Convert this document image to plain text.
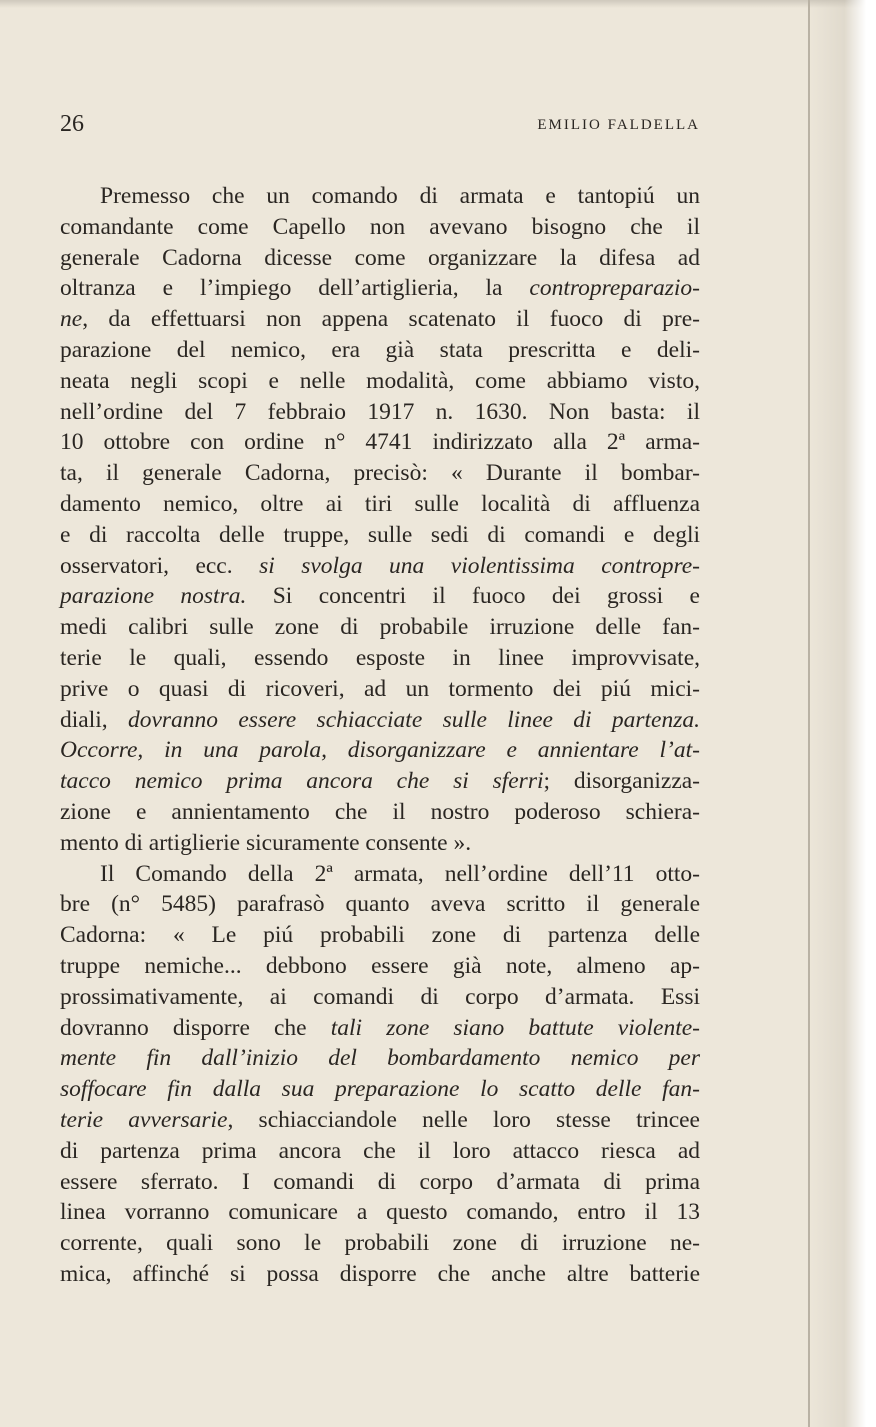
26	EMILIO FALDELLA
Premesso che un comando di armata e tantopiú un
comandante come Capello non avevano bisogno che il
generale Cadorna dicesse come organizzare la difesa ad
oltranza e l’impiego dell’artiglieria, la contropreparazio-
ne, da effettuarsi non appena scatenato il fuoco di pre-
parazione del nemico, era già stata prescritta e deli-
neata negli scopi e nelle modalità, come abbiamo visto,
nell’ordine del 7 febbraio 1917 n. 1630. Non basta: il
10 ottobre con ordine n° 4741 indirizzato alla 2ª arma-
ta, il generale Cadorna, precisò: « Durante il bombar-
damento nemico, oltre ai tiri sulle località di affluenza
e di raccolta delle truppe, sulle sedi di comandi e degli
osservatori, ecc. si svolga una violentissima contropre-
parazione nostra. Si concentri il fuoco dei grossi e
medi calibri sulle zone di probabile irruzione delle fan-
terie le quali, essendo esposte in linee improvvisate,
prive o quasi di ricoveri, ad un tormento dei piú mici-
diali, dovranno essere schiacciate sulle linee di partenza.
Occorre, in una parola, disorganizzare e annientare l’at-
tacco nemico prima ancora che si sferri; disorganizza-
zione e annientamento che il nostro poderoso schiera-
mento di artiglierie sicuramente consente ».
Il Comando della 2ª armata, nell’ordine dell’11 otto-
bre (n° 5485) parafrasò quanto aveva scritto il generale
Cadorna: « Le piú probabili zone di partenza delle
truppe nemiche... debbono essere già note, almeno ap-
prossimativamente, ai comandi di corpo d’armata. Essi
dovranno disporre che tali zone siano battute violente-
mente fin dall’inizio del bombardamento nemico per
soffocare fin dalla sua preparazione lo scatto delle fan-
terie avversarie, schiacciandole nelle loro stesse trincee
di partenza prima ancora che il loro attacco riesca ad
essere sferrato. I comandi di corpo d’armata di prima
linea vorranno comunicare a questo comando, entro il 13
corrente, quali sono le probabili zone di irruzione ne-
mica, affinché si possa disporre che anche altre batterie
